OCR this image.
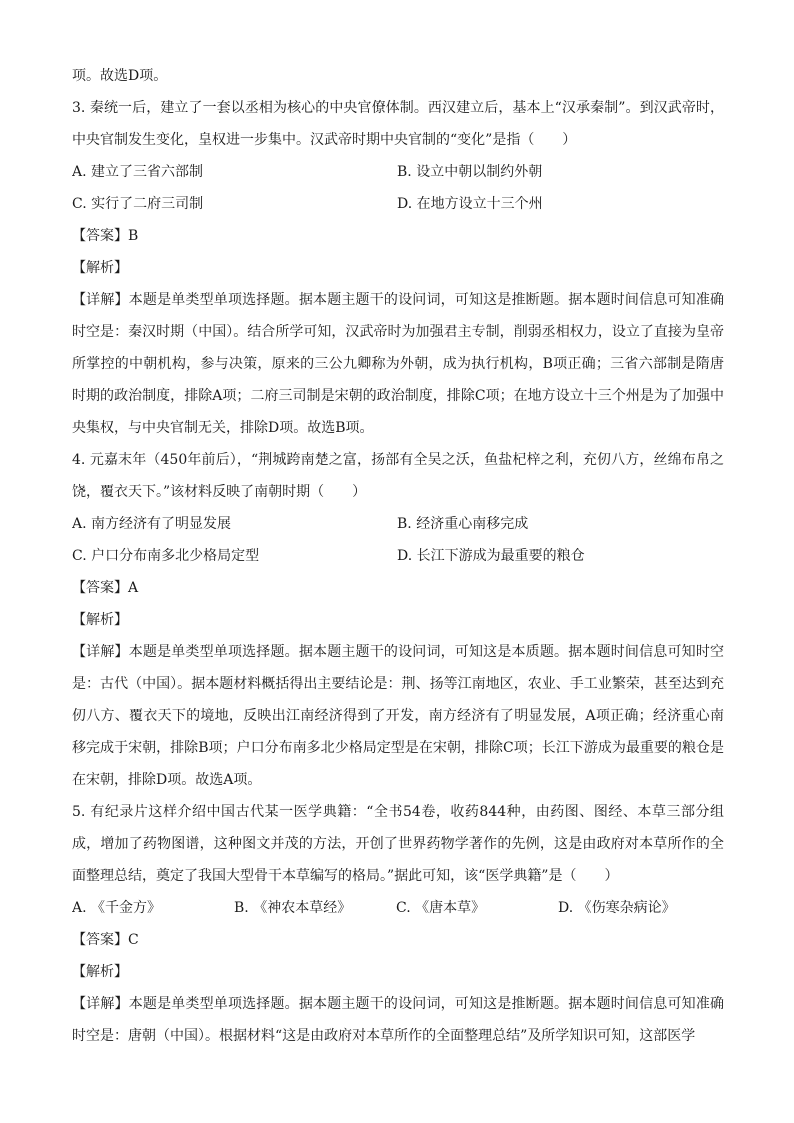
项。故选D项。
3. 秦统一后，建立了一套以丞相为核心的中央官僚体制。西汉建立后，基本上“汉承秦制”。到汉武帝时，中央官制发生变化，皇权进一步集中。汉武帝时期中央官制的“变化”是指（　　）
A. 建立了三省六部制	B. 设立中朝以制约外朝
C. 实行了二府三司制	D. 在地方设立十三个州
【答案】B
【解析】
【详解】本题是单类型单项选择题。据本题主题干的设问词，可知这是推断题。据本题时间信息可知准确时空是：秦汉时期（中国）。结合所学可知，汉武帝时为加强君主专制，削弱丞相权力，设立了直接为皇帝所掌控的中朝机构，参与决策，原来的三公九卿称为外朝，成为执行机构，B项正确；三省六部制是隋唐时期的政治制度，排除A项；二府三司制是宋朝的政治制度，排除C项；在地方设立十三个州是为了加强中央集权，与中央官制无关，排除D项。故选B项。
4. 元嘉末年（450年前后），“荆城跨南楚之富，扬部有全吴之沃，鱼盐杞梓之利，充仞八方，丝绵布帛之饶，覆衣天下。”该材料反映了南朝时期（　　）
A. 南方经济有了明显发展	B. 经济重心南移完成
C. 户口分布南多北少格局定型	D. 长江下游成为最重要的粮仓
【答案】A
【解析】
【详解】本题是单类型单项选择题。据本题主题干的设问词，可知这是本质题。据本题时间信息可知时空是：古代（中国）。据本题材料概括得出主要结论是：荆、扬等江南地区，农业、手工业繁荣，甚至达到充仞八方、覆衣天下的境地，反映出江南经济得到了开发，南方经济有了明显发展，A项正确；经济重心南移完成于宋朝，排除B项；户口分布南多北少格局定型是在宋朝，排除C项；长江下游成为最重要的粮仓是在宋朝，排除D项。故选A项。
5. 有纪录片这样介绍中国古代某一医学典籍：“全书54卷，收药844种，由药图、图经、本草三部分组成，增加了药物图谱，这种图文并茂的方法，开创了世界药物学著作的先例，这是由政府对本草所作的全面整理总结，奠定了我国大型骨干本草编写的格局。”据此可知，该“医学典籍”是（　　）
A. 《千金方》	B. 《神农本草经》	C. 《唐本草》	D. 《伤寒杂病论》
【答案】C
【解析】
【详解】本题是单类型单项选择题。据本题主题干的设问词，可知这是推断题。据本题时间信息可知准确时空是：唐朝（中国）。根据材料“这是由政府对本草所作的全面整理总结”及所学知识可知，这部医学
